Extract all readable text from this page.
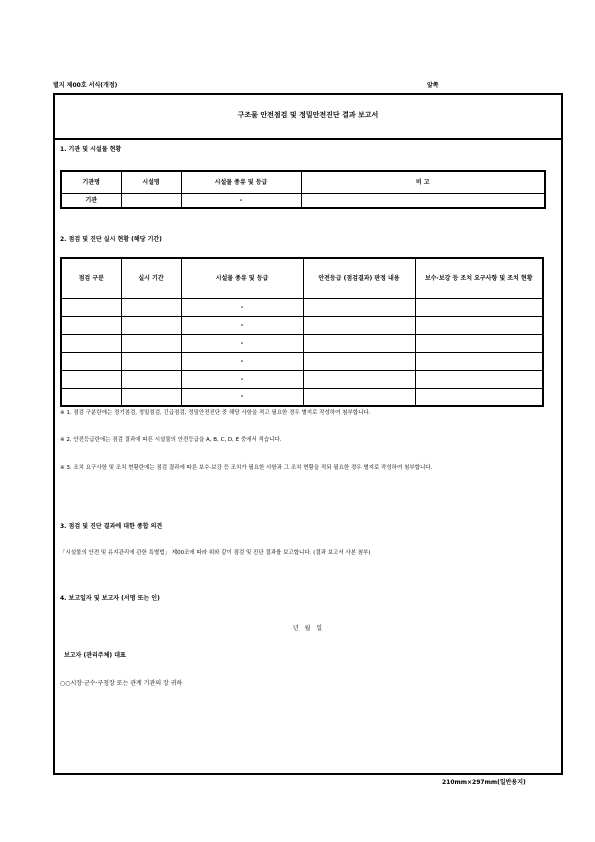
별지 제00호 서식(개정)	앞쪽
구조물 안전점검 및 정밀안전진단 결과 보고서
1. 기관 및 시설물 현황
기관명	시설명	시설물 종류 및 등급	비 고
기관		-	
2. 점검 및 진단 실시 현황 (해당 기간)
점검 구분	실시 기간	시설물 종류 및 등급	안전등급 (점검결과) 판정 내용	보수·보강 등 조치 요구사항 및 조치 현황
		-		
		-		
		-		
		-		
		-		
		-		
※ 1. 점검 구분란에는 정기점검, 정밀점검, 긴급점검, 정밀안전진단 중 해당 사항을 적고 필요한 경우 별지로 작성하여 첨부합니다.
※ 2. 안전등급란에는 점검 결과에 따른 시설물의 안전등급을 A, B, C, D, E 중에서 적습니다.
※ 3. 조치 요구사항 및 조치 현황란에는 점검 결과에 따른 보수·보강 등 조치가 필요한 사항과 그 조치 현황을 적되 필요한 경우 별지로 작성하여 첨부합니다.
3. 점검 및 진단 결과에 대한 종합 의견
「시설물의 안전 및 유지관리에 관한 특별법」 제00조에 따라 위와 같이 점검 및 진단 결과를 보고합니다. (결과 보고서 사본 첨부)
4. 보고일자 및 보고자 (서명 또는 인)
년 월 일
보고자 (관리주체) 대표
○○시장·군수·구청장 또는 관계 기관의 장 귀하
210mm×297mm(일반용지)
